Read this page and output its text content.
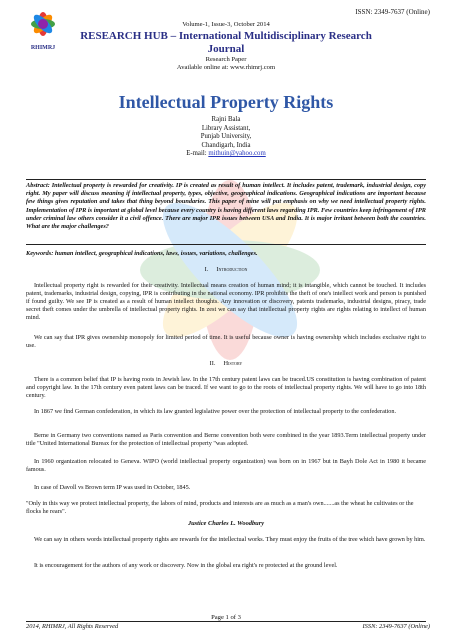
RHIMRJ
ISSN: 2349-7637 (Online)
Volume-1, Issue-3, October 2014
RESEARCH HUB – International Multidisciplinary Research
Journal
Research Paper
Available online at: www.rhimrj.com
Intellectual Property Rights
Rajni Bala
Library Assistant,
Punjab University,
Chandigarh, India
E-mail: mithuin@yahoo.com
Abstract: Intellectual property is rewarded for creativity. IP is created as result of human intellect. It includes patent, trademark, industrial design, copy right. My paper will discuss meaning if intellectual property, types, objective, geographical indications. Geographical indications are important because few things gives reputation and takes that thing beyond boundaries. This paper of mine will put emphasis on why we need intellectual property rights. Implementation of IPR is important at global level because every country is having different laws regarding IPR. Few countries keep infringement of IPR under criminal law others consider it a civil offence. There are major IPR issues between USA and India. It is major irritant between both the countries. What are the major challenges?
Keywords: human intellect, geographical indications, laws, issues, variations, challenges.
I. Introduction
Intellectual property right is rewarded for their creativity. Intellectual means creation of human mind; it is intangible, which cannot be touched. It includes patent, trademarks, industrial design, copying, IPR is contributing in the national economy. IPR prohibits the theft of one's intellect work and person is punished if found guilty. We see IP is created as a result of human intellect thoughts. Any innovation or discovery, patents trademarks, industrial designs, piracy, trade secret theft comes under the umbrella of intellectual property rights. In zest we can say that intellectual property rights are rights relating to intellect of human mind.
We can say that IPR gives ownership monopoly for limited period of time. It is useful because owner is having ownership which includes exclusive right to use.
II. History
There is a common belief that IP is having roots in Jewish law. In the 17th century patent laws can be traced.US constitution is having combination of patent and copyright law. In the 17th century even patent laws can be traced. If we want to go to the roots of intellectual property rights. We will have to go into 18th century.
In 1867 we find German confederation, in which its law granted legislative power over the protection of intellectual property to the confederation.
Berne in Germany two conventions named as Paris convention and Berne convention both were combined in the year 1893.Term intellectual property under title "United International Bureax for the protection of intellectual property "was adopted.
In 1960 organization relocated to Geneva. WIPO (world intellectual property organization) was born on in 1967 but in Bayh Dole Act in 1980 it became famous.
In case of Davoll vs Brown term IP was used in October, 1845.
"Only in this way we protect intellectual property, the labors of mind, products and interests are as much as a man's own.......as the wheat he cultivates or the flocks he rears".
Justice Charles L. Woodbury
We can say in others words intellectual property rights are rewards for the intellectual works. They must enjoy the fruits of the tree which have grown by him.
It is encouragement for the authors of any work or discovery. Now in the global era right's re protected at the ground level.
Page 1 of 3
2014, RHIMRJ, All Rights Reserved	ISSN: 2349-7637 (Online)
